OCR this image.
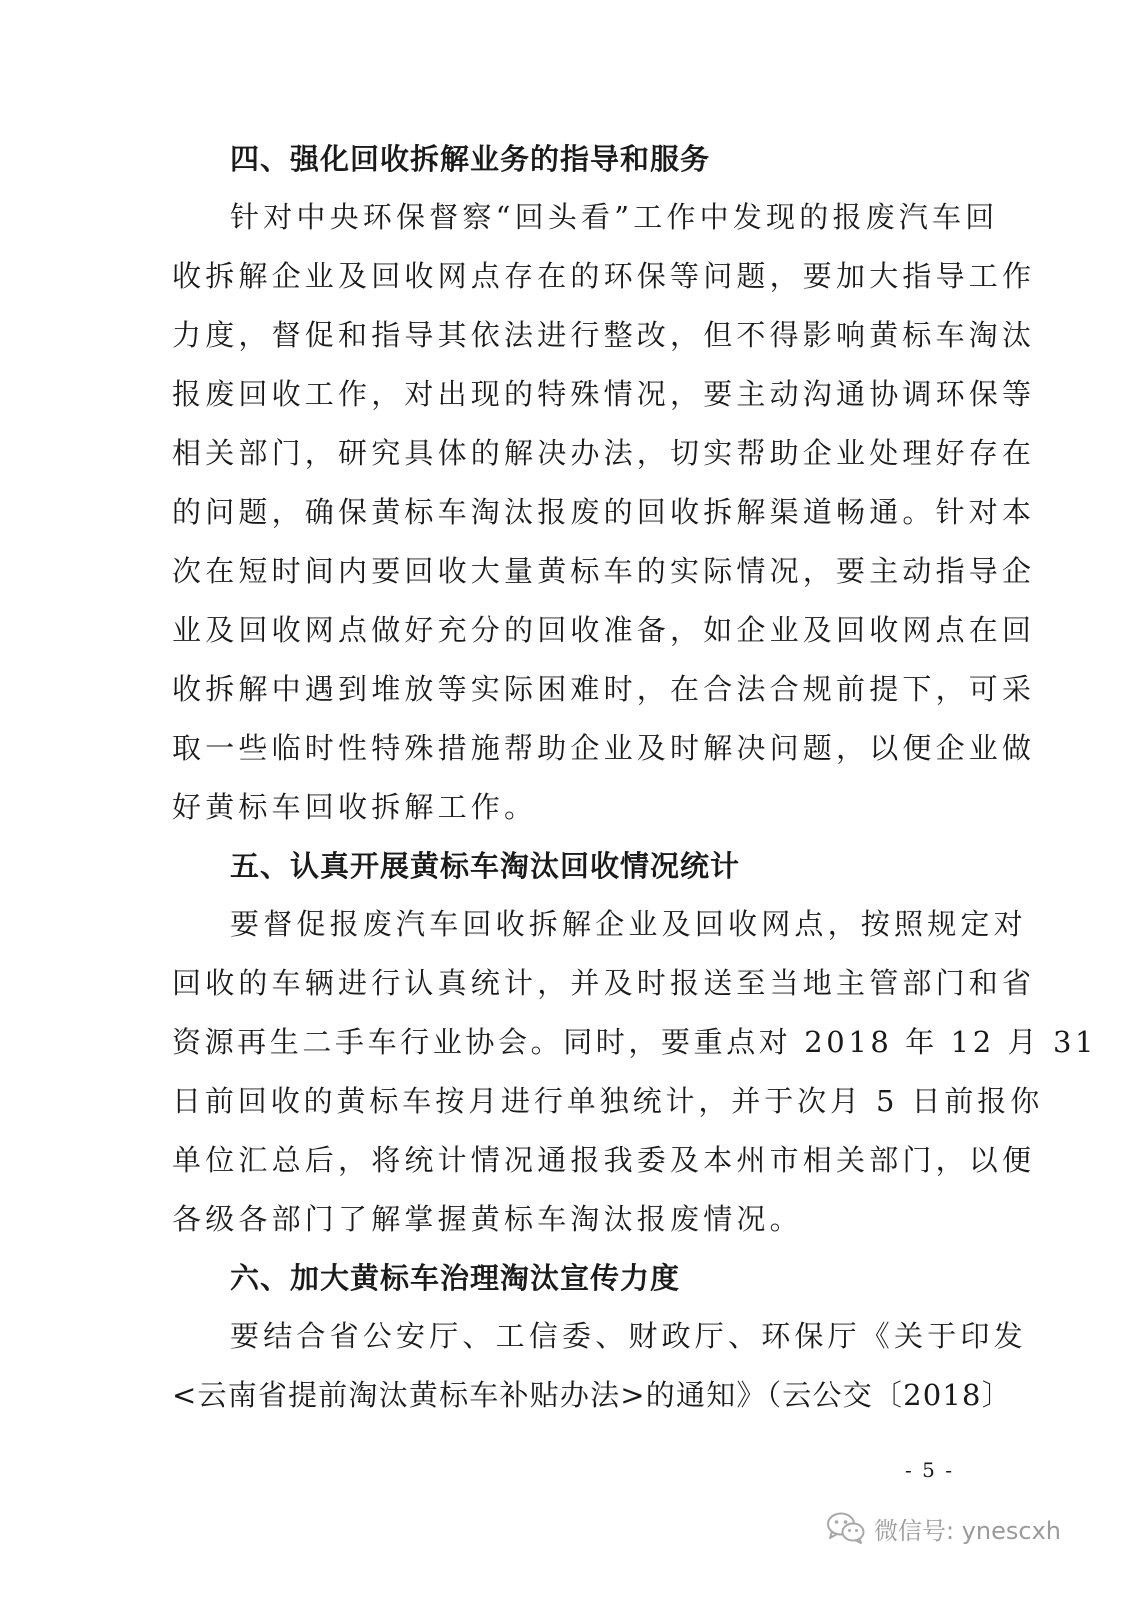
四、强化回收拆解业务的指导和服务
针对中央环保督察“回头看”工作中发现的报废汽车回
收拆解企业及回收网点存在的环保等问题，要加大指导工作
力度，督促和指导其依法进行整改，但不得影响黄标车淘汰
报废回收工作，对出现的特殊情况，要主动沟通协调环保等
相关部门，研究具体的解决办法，切实帮助企业处理好存在
的问题，确保黄标车淘汰报废的回收拆解渠道畅通。针对本
次在短时间内要回收大量黄标车的实际情况，要主动指导企
业及回收网点做好充分的回收准备，如企业及回收网点在回
收拆解中遇到堆放等实际困难时，在合法合规前提下，可采
取一些临时性特殊措施帮助企业及时解决问题，以便企业做
好黄标车回收拆解工作。
五、认真开展黄标车淘汰回收情况统计
要督促报废汽车回收拆解企业及回收网点，按照规定对
回收的车辆进行认真统计，并及时报送至当地主管部门和省
资源再生二手车行业协会。同时，要重点对 2018 年 12 月 31
日前回收的黄标车按月进行单独统计，并于次月 5 日前报你
单位汇总后，将统计情况通报我委及本州市相关部门，以便
各级各部门了解掌握黄标车淘汰报废情况。
六、加大黄标车治理淘汰宣传力度
要结合省公安厅、工信委、财政厅、环保厅《关于印发
<云南省提前淘汰黄标车补贴办法>的通知》（云公交〔2018〕
- 5 -
微信号: ynescxh
